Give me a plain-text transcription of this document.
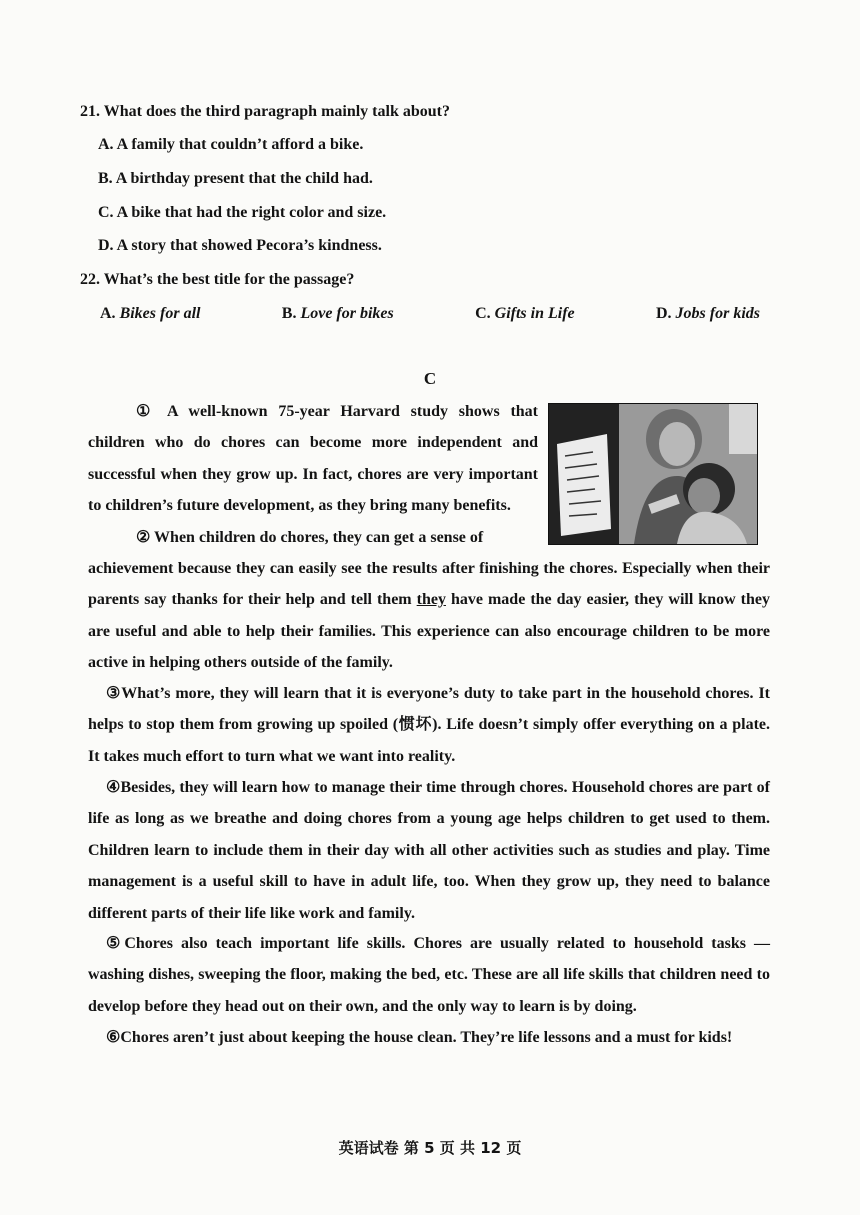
21. What does the third paragraph mainly talk about?
A. A family that couldn’t afford a bike.
B. A birthday present that the child had.
C. A bike that had the right color and size.
D. A story that showed Pecora’s kindness.
22. What’s the best title for the passage?
A. Bikes for all	B. Love for bikes	C. Gifts in Life	D. Jobs for kids
C
① A well-known 75-year Harvard study shows that children who do chores can become more independent and successful when they grow up. In fact, chores are very important to children’s future development, as they bring many benefits.
② When children do chores, they can get a sense of
achievement because they can easily see the results after finishing the chores. Especially when their parents say thanks for their help and tell them they have made the day easier, they will know they are useful and able to help their families. This experience can also encourage children to be more active in helping others outside of the family.
③What’s more, they will learn that it is everyone’s duty to take part in the household chores. It helps to stop them from growing up spoiled (惯坏). Life doesn’t simply offer everything on a plate. It takes much effort to turn what we want into reality.
④Besides, they will learn how to manage their time through chores. Household chores are part of life as long as we breathe and doing chores from a young age helps children to get used to them. Children learn to include them in their day with all other activities such as studies and play. Time management is a useful skill to have in adult life, too. When they grow up, they need to balance different parts of their life like work and family.
⑤Chores also teach important life skills. Chores are usually related to household tasks — washing dishes, sweeping the floor, making the bed, etc. These are all life skills that children need to develop before they head out on their own, and the only way to learn is by doing.
⑥Chores aren’t just about keeping the house clean. They’re life lessons and a must for kids!
英语试卷 第 5 页 共 12 页
